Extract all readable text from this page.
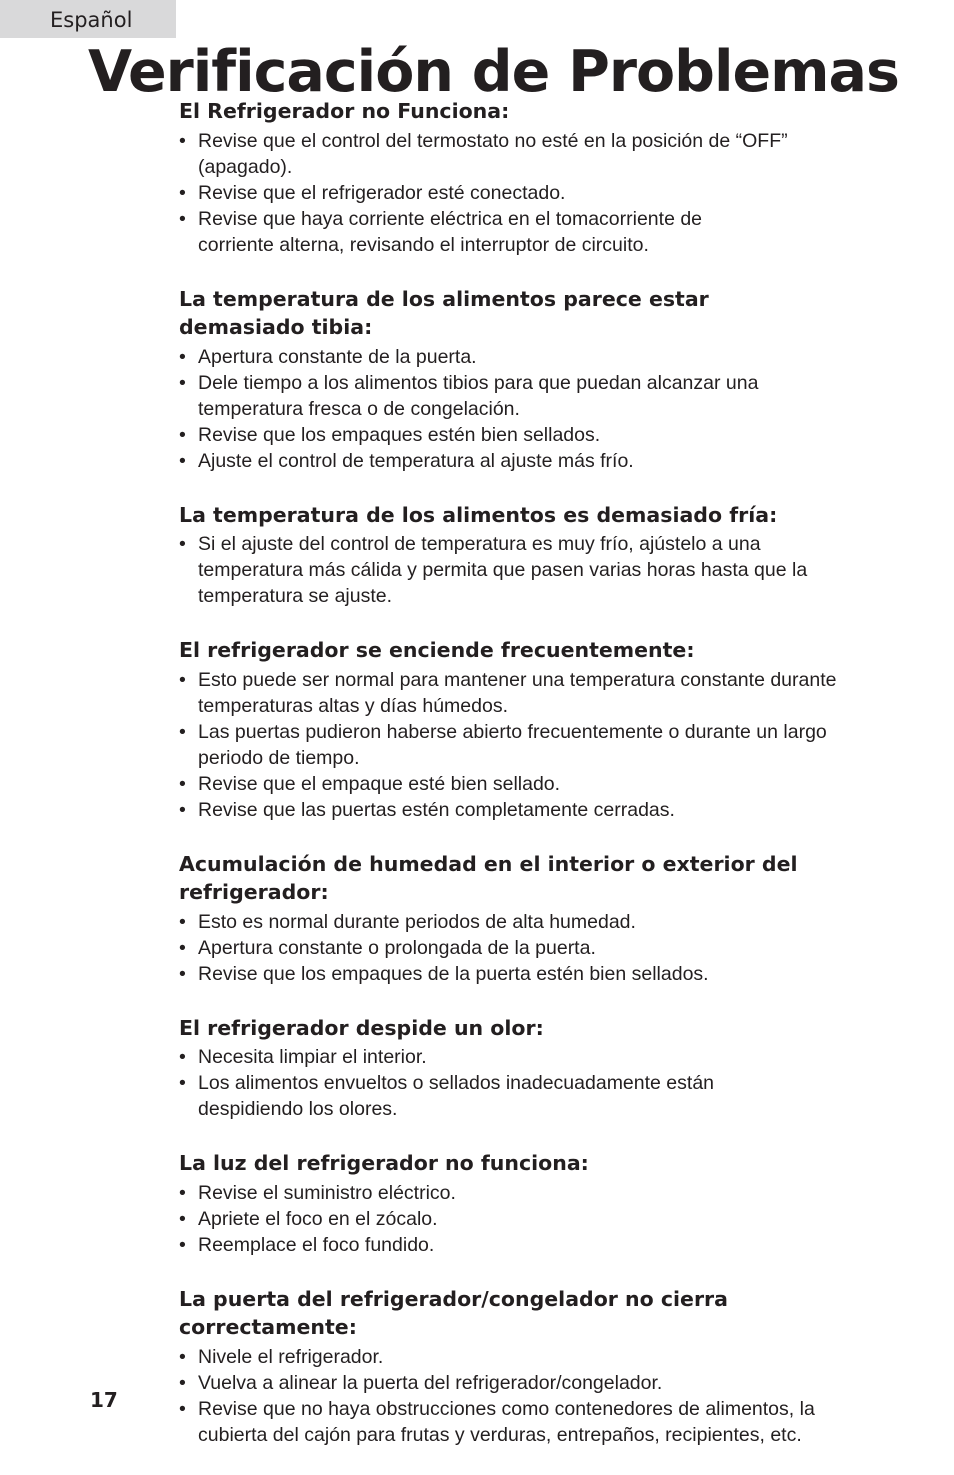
Español
Verificación de Problemas
El Refrigerador no Funciona:
• Revise que el control del termostato no esté en la posición de “OFF” (apagado).
• Revise que el refrigerador esté conectado.
• Revise que haya corriente eléctrica en el tomacorriente de corriente alterna, revisando el interruptor de circuito.
La temperatura de los alimentos parece estar demasiado tibia:
• Apertura constante de la puerta.
• Dele tiempo a los alimentos tibios para que puedan alcanzar una temperatura fresca o de congelación.
• Revise que los empaques estén bien sellados.
• Ajuste el control de temperatura al ajuste más frío.
La temperatura de los alimentos es demasiado fría:
• Si el ajuste del control de temperatura es muy frío, ajústelo a una temperatura más cálida y permita que pasen varias horas hasta que la temperatura se ajuste.
El refrigerador se enciende frecuentemente:
• Esto puede ser normal para mantener una temperatura constante durante temperaturas altas y días húmedos.
• Las puertas pudieron haberse abierto frecuentemente o durante un largo periodo de tiempo.
• Revise que el empaque esté bien sellado.
• Revise que las puertas estén completamente cerradas.
Acumulación de humedad en el interior o exterior del refrigerador:
• Esto es normal durante periodos de alta humedad.
• Apertura constante o prolongada de la puerta.
• Revise que los empaques de la puerta estén bien sellados.
El refrigerador despide un olor:
• Necesita limpiar el interior.
• Los alimentos envueltos o sellados inadecuadamente están despidiendo los olores.
La luz del refrigerador no funciona:
• Revise el suministro eléctrico.
• Apriete el foco en el zócalo.
• Reemplace el foco fundido.
La puerta del refrigerador/congelador no cierra correctamente:
• Nivele el refrigerador.
• Vuelva a alinear la puerta del refrigerador/congelador.
• Revise que no haya obstrucciones como contenedores de alimentos, la cubierta del cajón para frutas y verduras, entrepaños, recipientes, etc.
17
